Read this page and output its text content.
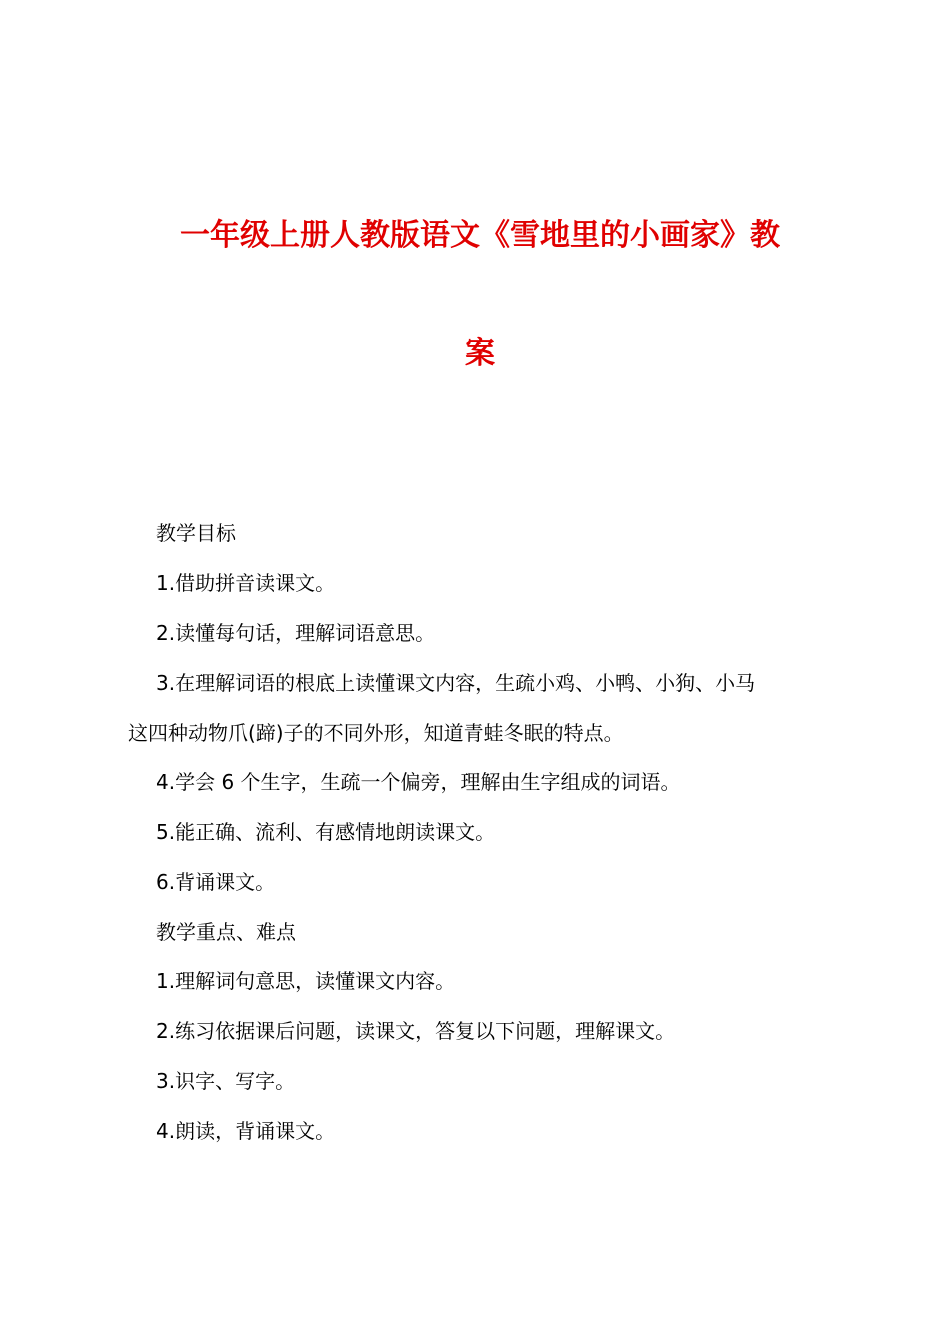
一年级上册人教版语文《雪地里的小画家》教
案
教学目标
1.借助拼音读课文。
2.读懂每句话，理解词语意思。
3.在理解词语的根底上读懂课文内容，生疏小鸡、小鸭、小狗、小马
这四种动物爪(蹄)子的不同外形，知道青蛙冬眠的特点。
4.学会 6 个生字，生疏一个偏旁，理解由生字组成的词语。
5.能正确、流利、有感情地朗读课文。
6.背诵课文。
教学重点、难点
1.理解词句意思，读懂课文内容。
2.练习依据课后问题，读课文，答复以下问题，理解课文。
3.识字、写字。
4.朗读，背诵课文。
